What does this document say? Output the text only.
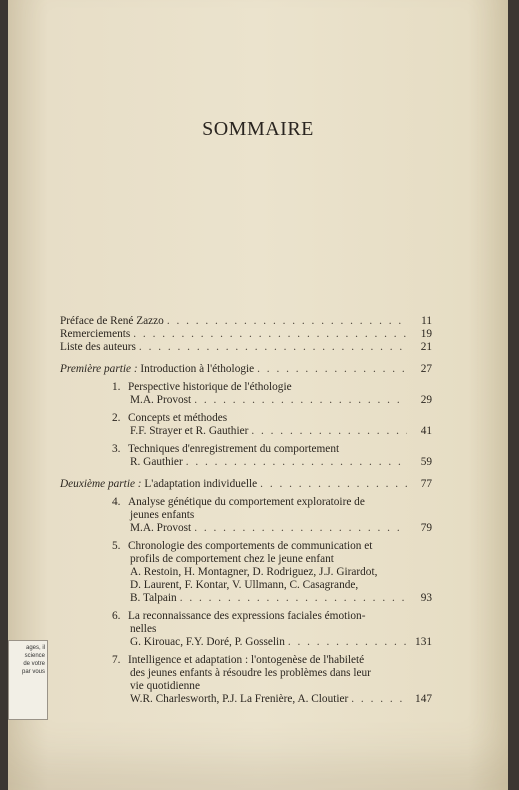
SOMMAIRE
Préface de René Zazzo . . .	11
Remerciements . . .	19
Liste des auteurs . . .	21
Première partie : Introduction à l'éthologie . . .	27
1. Perspective historique de l'éthologie
M.A. Provost . . .	29
2. Concepts et méthodes
F.F. Strayer et R. Gauthier . . .	41
3. Techniques d'enregistrement du comportement
R. Gauthier . . .	59
Deuxième partie : L'adaptation individuelle . . .	77
4. Analyse génétique du comportement exploratoire de
jeunes enfants
M.A. Provost . . .	79
5. Chronologie des comportements de communication et
profils de comportement chez le jeune enfant
A. Restoin, H. Montagner, D. Rodriguez, J.J. Girardot,
D. Laurent, F. Kontar, V. Ullmann, C. Casagrande,
B. Talpain . . .	93
6. La reconnaissance des expressions faciales émotion-
nelles
G. Kirouac, F.Y. Doré, P. Gosselin . . .	131
7. Intelligence et adaptation : l'ontogenèse de l'habileté
des jeunes enfants à résoudre les problèmes dans leur
vie quotidienne
W.R. Charlesworth, P.J. La Frenière, A. Cloutier . . .	147
ages, il
science
de votre
par vous
